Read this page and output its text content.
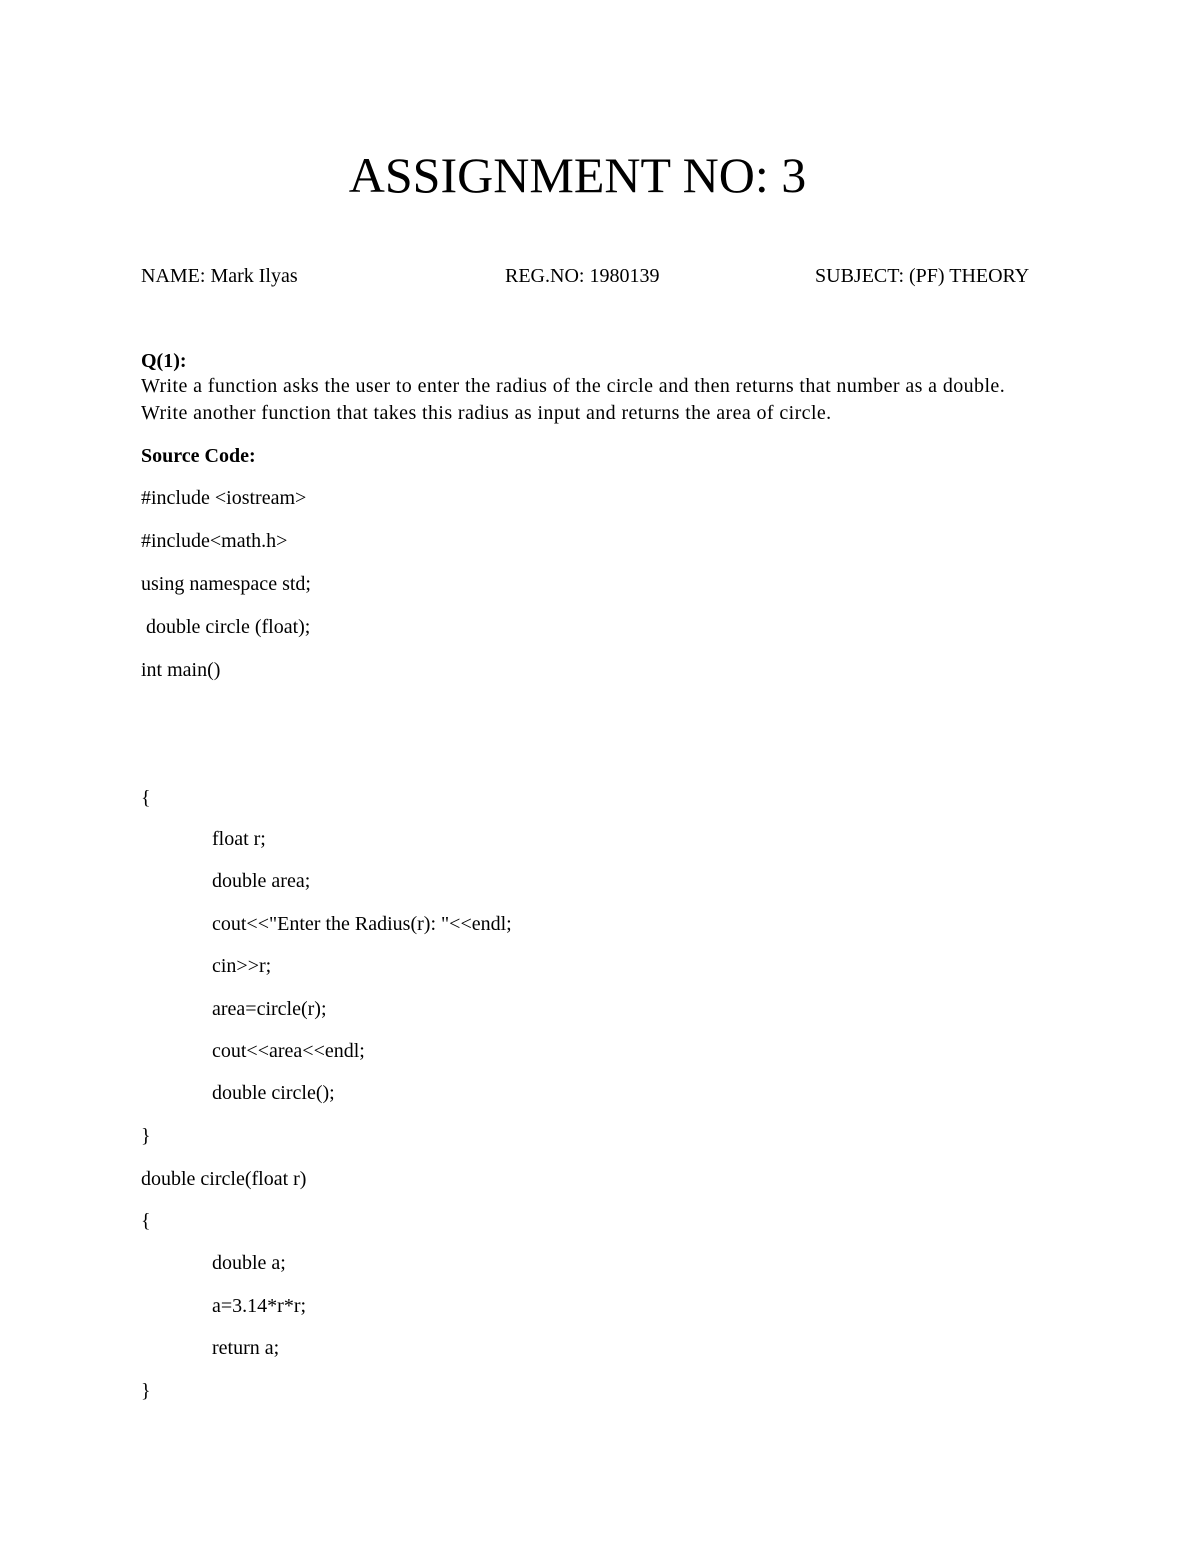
ASSIGNMENT NO: 3
NAME: Mark Ilyas	REG.NO: 1980139	SUBJECT: (PF) THEORY
Q(1):
Write a function asks the user to enter the radius of the circle and then returns that number as a double. Write another function that takes this radius as input and returns the area of circle.
Source Code:
#include <iostream>
#include<math.h>
using namespace std;
double circle (float);
int main()
{
float r;
double area;
cout<<"Enter the Radius(r): "<<endl;
cin>>r;
area=circle(r);
cout<<area<<endl;
double circle();
}
double circle(float r)
{
double a;
a=3.14*r*r;
return a;
}
